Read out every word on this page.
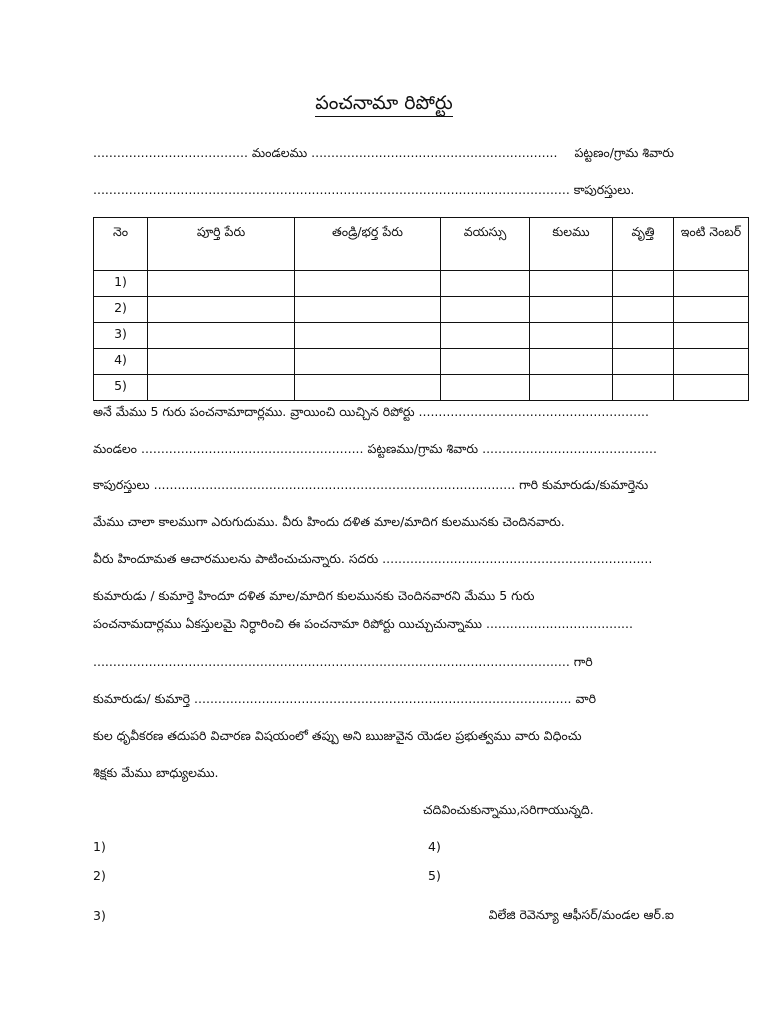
పంచనామా రిపోర్టు
....................................... మండలము .............................................................. పట్టణం/గ్రామ శివారు
........................................................................................................................ కాపురస్తులు.
నెం	పూర్తి పేరు	తండ్రి/భర్త పేరు	వయస్సు	కులము	వృత్తి	ఇంటి నెంబర్
1)						
2)						
3)						
4)						
5)						
అనే మేము 5 గురు పంచనామాదార్లము. వ్రాయించి యిచ్చిన రిపోర్టు ..........................................................
మండలం ........................................................ పట్టణము/గ్రామ శివారు ............................................
కాపురస్తులు ........................................................................................... గారి కుమారుడు/కుమార్తెను
మేము చాలా కాలముగా ఎరుగుదుము. వీరు హిందు దళిత మాల/మాదిగ కులమునకు చెందినవారు.
వీరు హిందూమత ఆచారములను పాటించుచున్నారు. సదరు ....................................................................
కుమారుడు / కుమార్తె హిందూ దళిత మాల/మాదిగ కులమునకు చెందినవారని మేము 5 గురు
పంచనామదార్లము ఏకస్తులమై నిర్ధారించి ఈ పంచనామా రిపోర్టు యిచ్చుచున్నాము .....................................
........................................................................................................................ గారి
కుమారుడు/ కుమార్తె ............................................................................................... వారి
కుల ధృవీకరణ తదుపరి విచారణ విషయంలో తప్పు అని ఋజువైన యెడల ప్రభుత్వము వారు విధించు
శిక్షకు మేము బాధ్యులము.
చదివించుకున్నాము,సరిగాయున్నది.
1)	4)
2)	5)
3)	విలేజి రెవెన్యూ ఆఫీసర్/మండల ఆర్.ఐ
